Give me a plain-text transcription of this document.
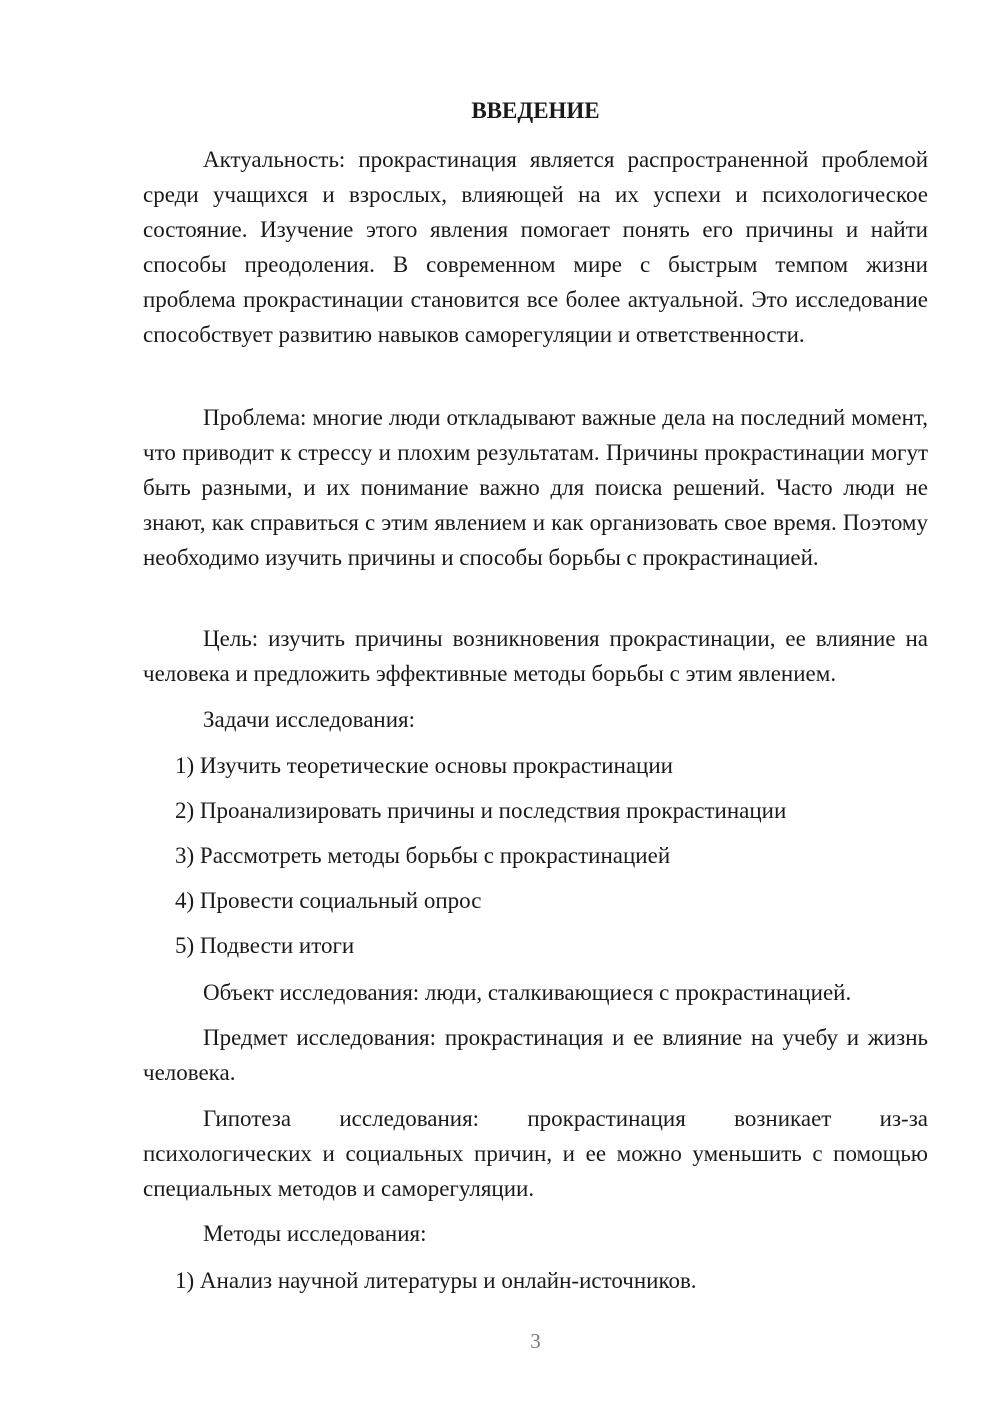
ВВЕДЕНИЕ

Актуальность: прокрастинация является распространенной проблемой среди учащихся и взрослых, влияющей на их успехи и психологическое состояние. Изучение этого явления помогает понять его причины и найти способы преодоления. В современном мире с быстрым темпом жизни проблема прокрастинации становится все более актуальной. Это исследование способствует развитию навыков саморегуляции и ответственности.

Проблема: многие люди откладывают важные дела на последний момент, что приводит к стрессу и плохим результатам. Причины прокрастинации могут быть разными, и их понимание важно для поиска решений. Часто люди не знают, как справиться с этим явлением и как организовать свое время. Поэтому необходимо изучить причины и способы борьбы с прокрастинацией.

Цель: изучить причины возникновения прокрастинации, ее влияние на человека и предложить эффективные методы борьбы с этим явлением.

Задачи исследования:

1) Изучить теоретические основы прокрастинации

2) Проанализировать причины и последствия прокрастинации

3) Рассмотреть методы борьбы с прокрастинацией

4) Провести социальный опрос

5) Подвести итоги

Объект исследования: люди, сталкивающиеся с прокрастинацией.

Предмет исследования: прокрастинация и ее влияние на учебу и жизнь человека.

Гипотеза исследования: прокрастинация возникает из-за психологических и социальных причин, и ее можно уменьшить с помощью специальных методов и саморегуляции.

Методы исследования:

1) Анализ научной литературы и онлайн-источников.

3
